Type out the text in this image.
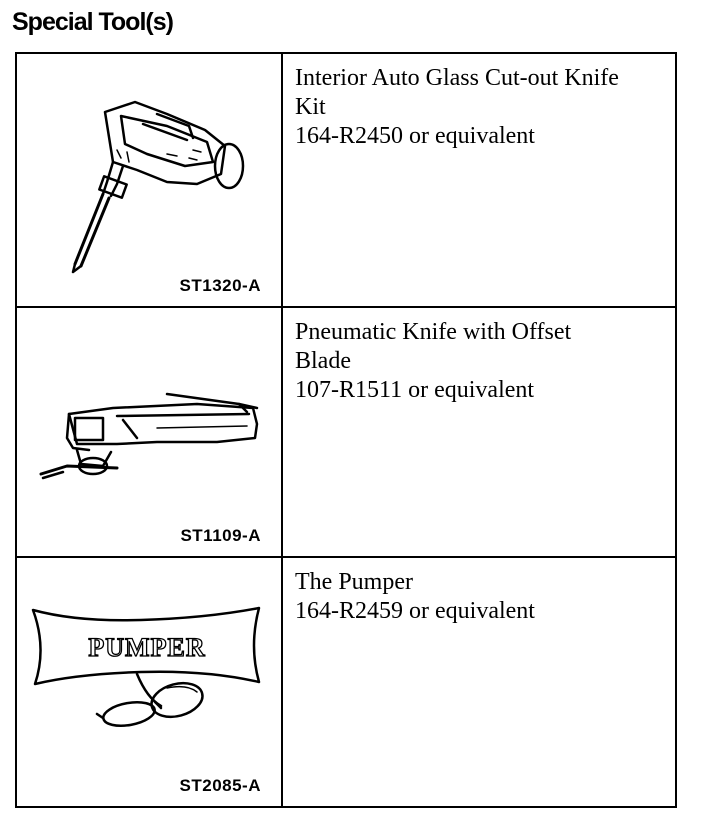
Special Tool(s)
ST1320-A
Interior Auto Glass Cut-out Knife
Kit
164-R2450 or equivalent
ST1109-A
Pneumatic Knife with Offset
Blade
107-R1511 or equivalent
PUMPER
ST2085-A
The Pumper
164-R2459 or equivalent
